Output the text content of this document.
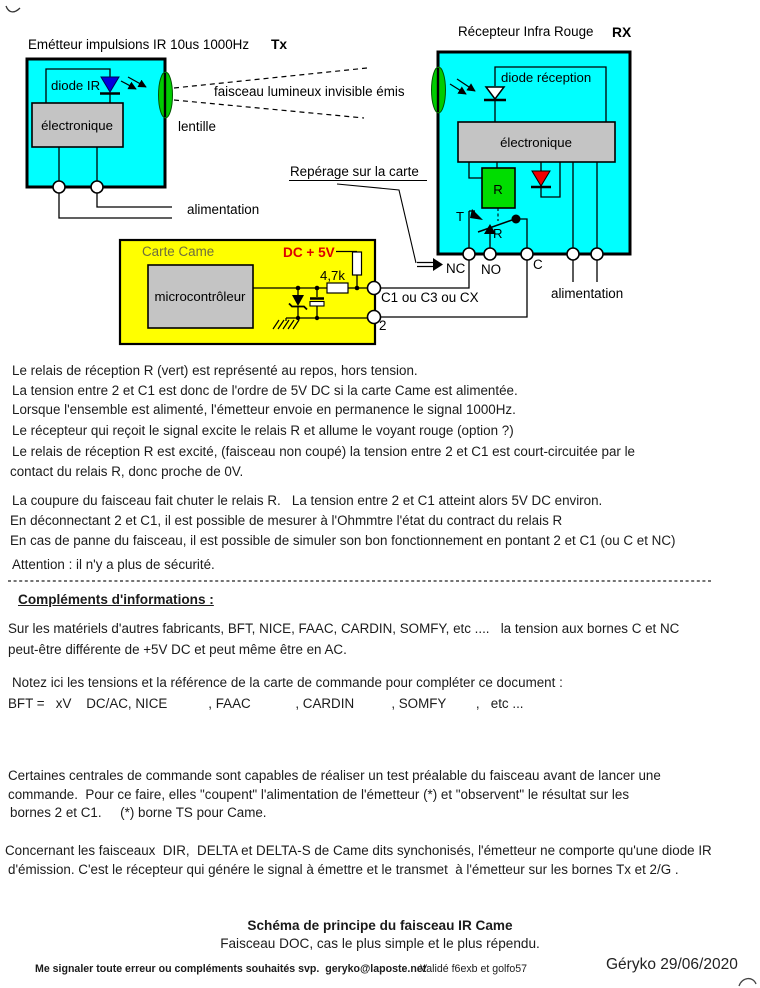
Emétteur impulsions IR 10us 1000Hz Tx
diode IR
électronique
alimentation
lentille
faisceau lumineux invisible émis
Récepteur Infra Rouge RX
diode réception
électronique
R
T
R
NC NO C
alimentation
Repérage sur la carte
Carte Came	DC + 5V
microcontrôleur
4,7k
C1 ou C3 ou CX
2
Le relais de réception R (vert) est représenté au repos, hors tension.
La tension entre 2 et C1 est donc de l'ordre de 5V DC si la carte Came est alimentée.
Lorsque l'ensemble est alimenté, l'émetteur envoie en permanence le signal 1000Hz.
Le récepteur qui reçoit le signal excite le relais R et allume le voyant rouge (option ?)
Le relais de réception R est excité, (faisceau non coupé) la tension entre 2 et C1 est court-circuitée par le
contact du relais R, donc proche de 0V.
La coupure du faisceau fait chuter le relais R.   La tension entre 2 et C1 atteint alors 5V DC environ.
En déconnectant 2 et C1, il est possible de mesurer à l'Ohmmtre l'état du contract du relais R
En cas de panne du faisceau, il est possible de simuler son bon fonctionnement en pontant 2 et C1 (ou C et NC)
Attention : il n'y a plus de sécurité.
Compléments d'informations :
Sur les matériels d'autres fabricants, BFT, NICE, FAAC, CARDIN, SOMFY, etc ....   la tension aux bornes C et NC
peut-être différente de +5V DC et peut même être en AC.
Notez ici les tensions et la référence de la carte de commande pour compléter ce document :
BFT =   xV    DC/AC, NICE           , FAAC            , CARDIN          , SOMFY        ,   etc ...
Certaines centrales de commande sont capables de réaliser un test préalable du faisceau avant de lancer une
commande.  Pour ce faire, elles "coupent" l'alimentation de l'émetteur (*) et "observent" le résultat sur les
bornes 2 et C1.     (*) borne TS pour Came.
Concernant les faisceaux  DIR,  DELTA et DELTA-S de Came dits synchonisés, l'émetteur ne comporte qu'une diode IR
d'émission. C'est le récepteur qui génére le signal à émettre et le transmet  à l'émetteur sur les bornes Tx et 2/G .
Schéma de principe du faisceau IR Came
Faisceau DOC, cas le plus simple et le plus répendu.
Me signaler toute erreur ou compléments souhaités svp.  geryko@laposte.net
Validé f6exb et golfo57	Géryko 29/06/2020
